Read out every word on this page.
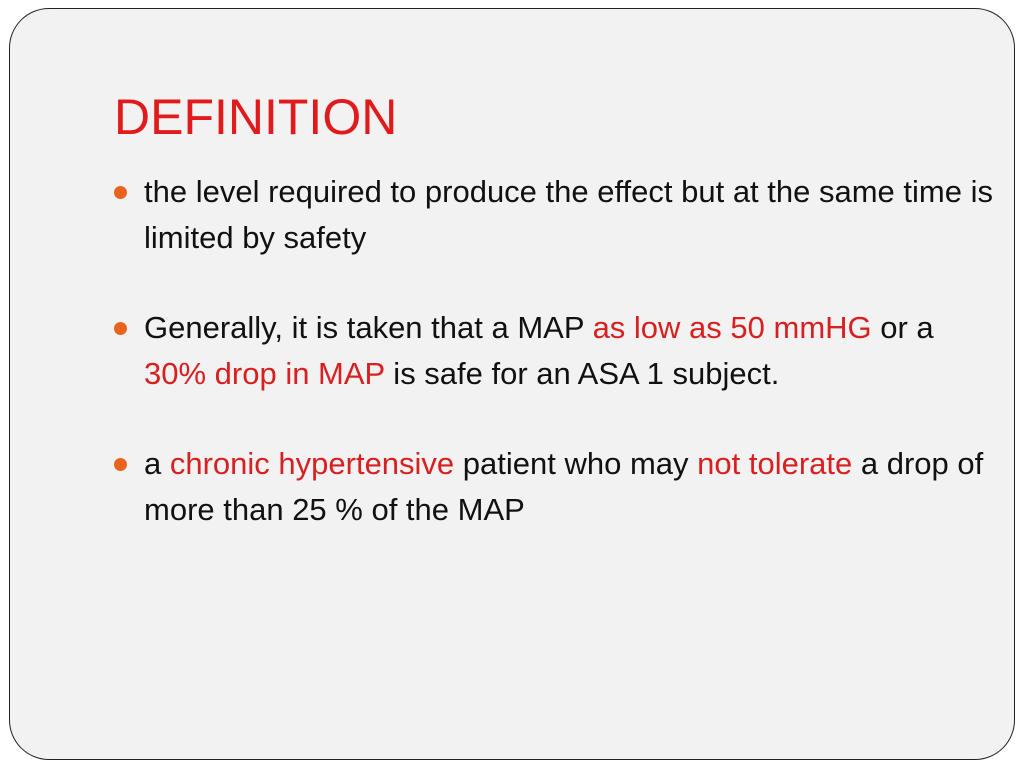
DEFINITION
the level required to produce the effect but at the same time is limited by safety
Generally, it is taken that a MAP as low as 50 mmHG or a 30% drop in MAP is safe for an ASA 1 subject.
a chronic hypertensive patient who may not tolerate a drop of more than 25 % of the MAP
